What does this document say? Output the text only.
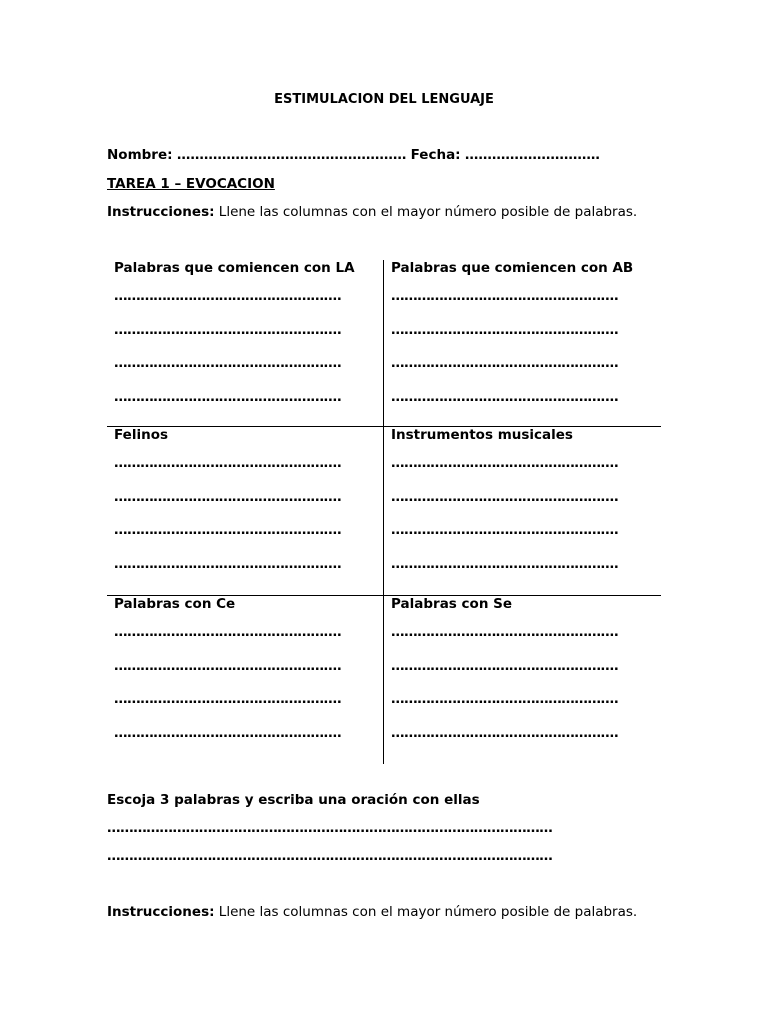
ESTIMULACION DEL LENGUAJE
Nombre: …………………………………………… Fecha: …………………………
TAREA 1 – EVOCACION
Instrucciones: Llene las columnas con el mayor número posible de palabras.
Palabras que comiencen con LA
…………………………………………….
…………………………………………….
…………………………………………….
…………………………………………….
Palabras que comiencen con AB
…………………………………………….
…………………………………………….
…………………………………………….
…………………………………………….
Felinos
…………………………………………….
…………………………………………….
…………………………………………….
…………………………………………….
Instrumentos musicales
…………………………………………….
…………………………………………….
…………………………………………….
…………………………………………….
Palabras con Ce
…………………………………………….
…………………………………………….
…………………………………………….
…………………………………………….
Palabras con Se
…………………………………………….
…………………………………………….
…………………………………………….
…………………………………………….
Escoja 3 palabras y escriba una oración con ellas
…………………………………………………………………………………………
…………………………………………………………………………………………
Instrucciones: Llene las columnas con el mayor número posible de palabras.
